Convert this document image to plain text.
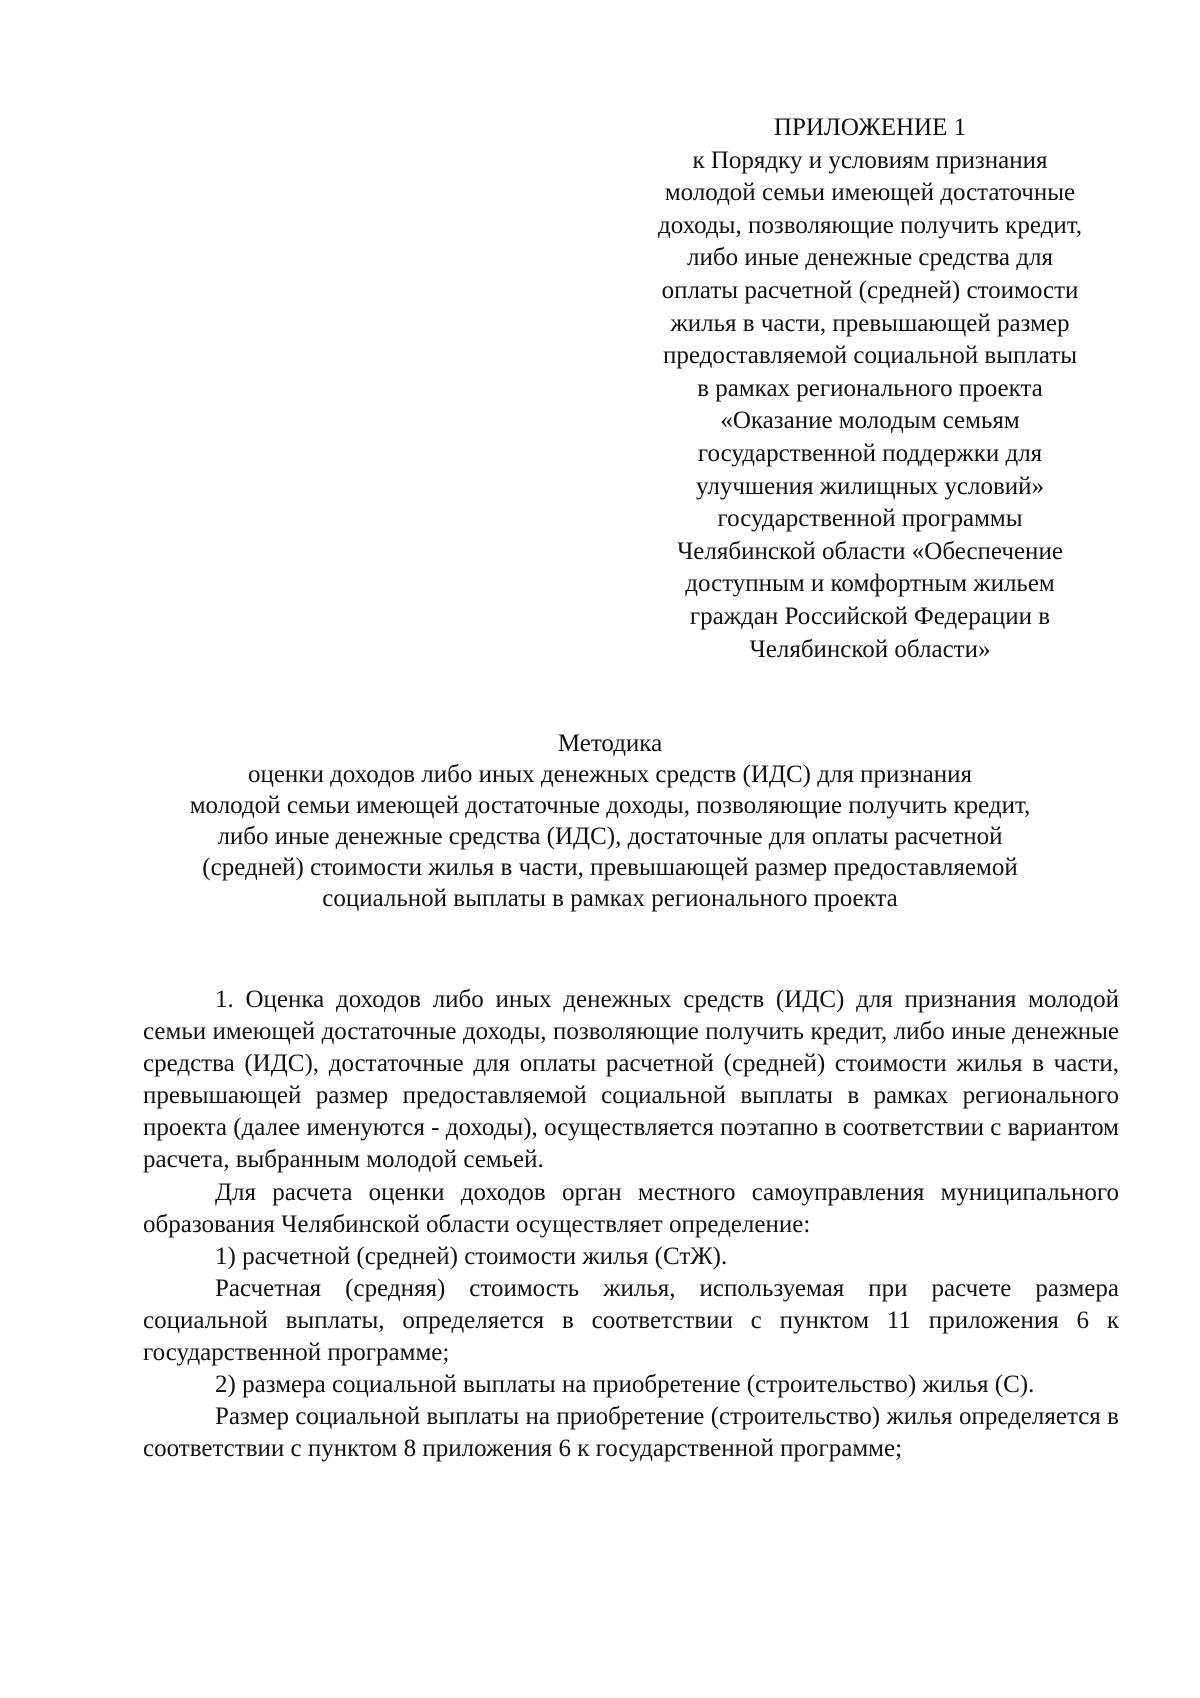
ПРИЛОЖЕНИЕ 1
к Порядку и условиям признания
молодой семьи имеющей достаточные
доходы, позволяющие получить кредит,
либо иные денежные средства для
оплаты расчетной (средней) стоимости
жилья в части, превышающей размер
предоставляемой социальной выплаты
в рамках регионального проекта
«Оказание молодым семьям
государственной поддержки для
улучшения жилищных условий»
государственной программы
Челябинской области «Обеспечение
доступным и комфортным жильем
граждан Российской Федерации в
Челябинской области»
Методика
оценки доходов либо иных денежных средств (ИДС) для признания
молодой семьи имеющей достаточные доходы, позволяющие получить кредит,
либо иные денежные средства (ИДС), достаточные для оплаты расчетной
(средней) стоимости жилья в части, превышающей размер предоставляемой
социальной выплаты в рамках регионального проекта

1. Оценка доходов либо иных денежных средств (ИДС) для признания молодой семьи имеющей достаточные доходы, позволяющие получить кредит, либо иные денежные средства (ИДС), достаточные для оплаты расчетной (средней) стоимости жилья в части, превышающей размер предоставляемой социальной выплаты в рамках регионального проекта (далее именуются - доходы), осуществляется поэтапно в соответствии с вариантом расчета, выбранным молодой семьей.

Для расчета оценки доходов орган местного самоуправления муниципального образования Челябинской области осуществляет определение:

1) расчетной (средней) стоимости жилья (СтЖ).

Расчетная (средняя) стоимость жилья, используемая при расчете размера социальной выплаты, определяется в соответствии с пунктом 11 приложения 6 к государственной программе;

2) размера социальной выплаты на приобретение (строительство) жилья (С).

Размер социальной выплаты на приобретение (строительство) жилья определяется в соответствии с пунктом 8 приложения 6 к государственной программе;
